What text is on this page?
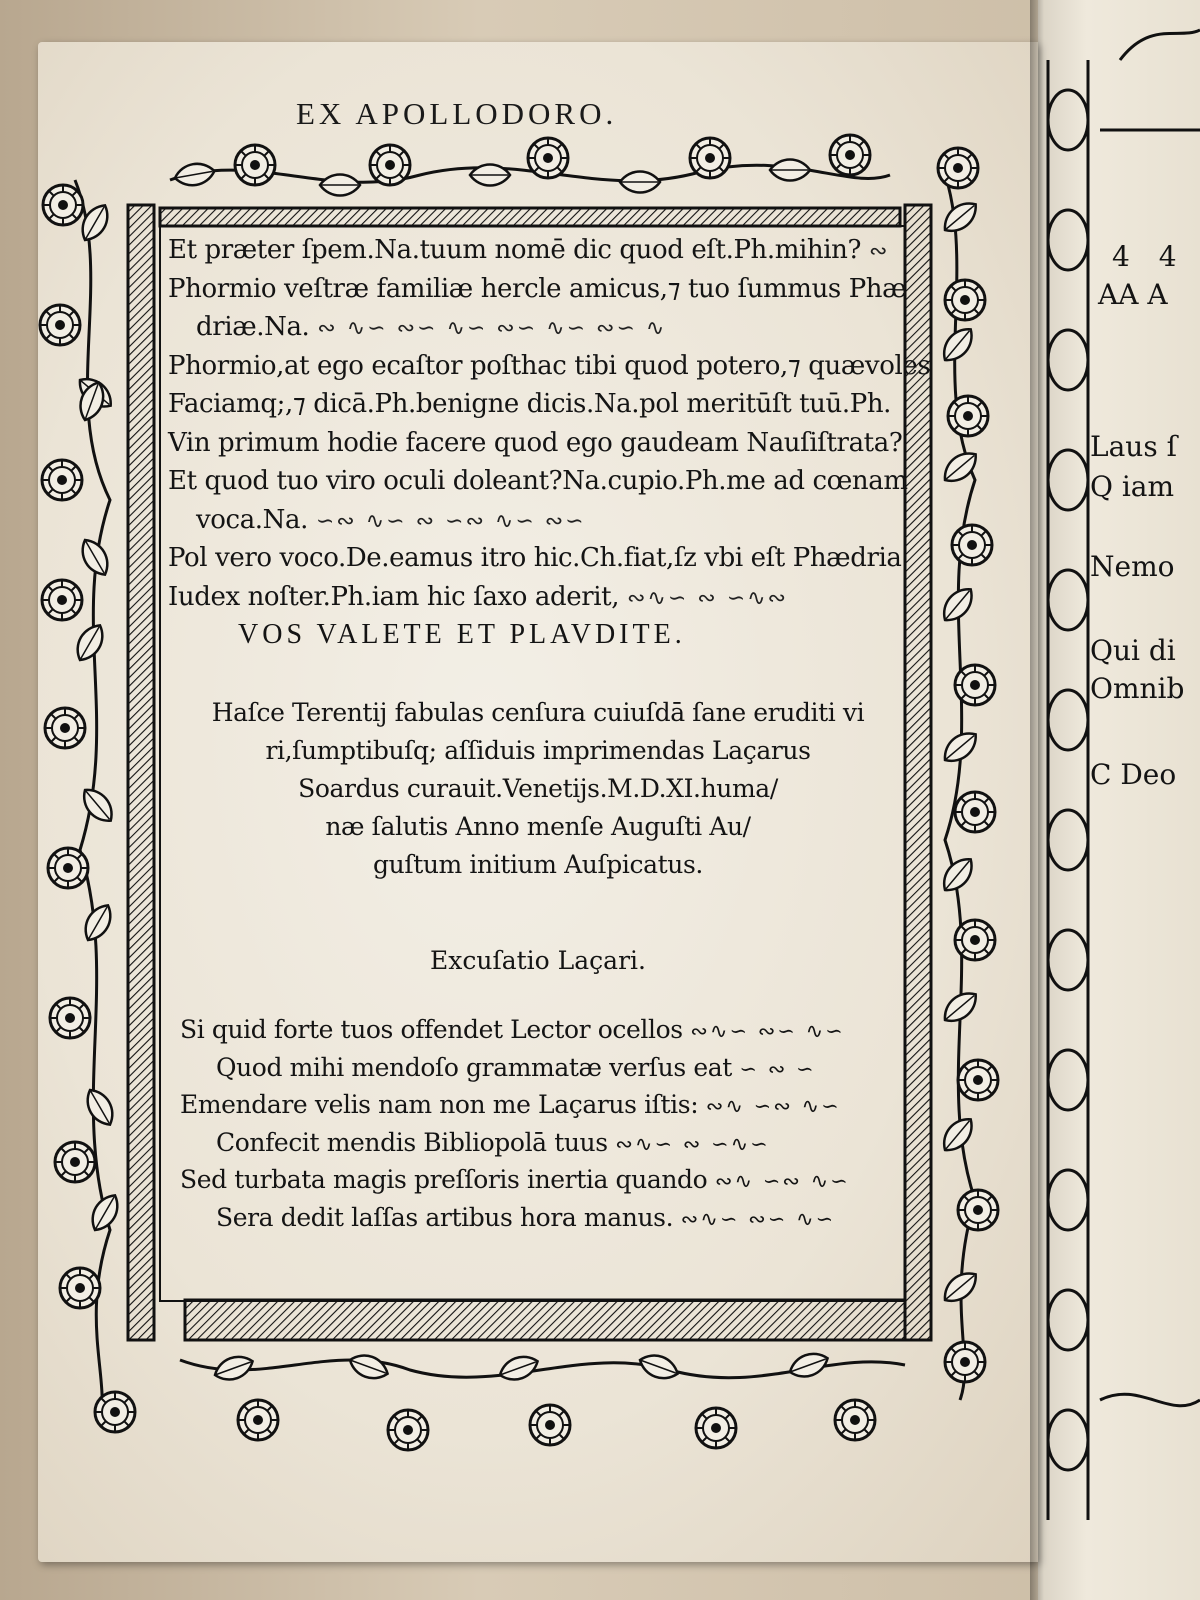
EX APOLLODORO.
Et præter ſpem.Na.tuum nomē dic quod eſt.Ph.mihin? ∾
Phormio veſtræ familiæ hercle amicus,⁊ tuo ſummus Phæ
driæ.Na. ∾ ∿∽ ∾∽ ∿∽ ∾∽ ∿∽ ∾∽ ∿
Phormio,at ego ecaſtor poſthac tibi quod potero,⁊ quævoles
Faciamq;,⁊ dicā.Ph.benigne dicis.Na.pol meritūſt tuū.Ph.
Vin primum hodie facere quod ego gaudeam Nauſiſtrata?
Et quod tuo viro oculi doleant?Na.cupio.Ph.me ad cœnam
voca.Na. ∽∾ ∿∽ ∾ ∽∾ ∿∽ ∾∽
Pol vero voco.De.eamus itro hic.Ch.fiat,ſz vbi eſt Phædria
Iudex noſter.Ph.iam hic ſaxo aderit, ∾∿∽ ∾ ∽∿∾
VOS VALETE ET PLAVDITE.
Haſce Terentij fabulas cenſura cuiuſdā ſane eruditi vi
ri,ſumptibuſq; aſſiduis imprimendas Laçarus
Soardus curauit.Venetijs.M.D.XI.huma/
næ ſalutis Anno menſe Auguſti Au/
guſtum initium Auſpicatus.
Excuſatio Laçari.
Si quid forte tuos offendet Lector ocellos ∾∿∽ ∾∽ ∿∽
Quod mihi mendoſo grammatæ verſus eat ∽ ∾ ∽
Emendare velis nam non me Laçarus iſtis: ∾∿ ∽∾ ∿∽
Confecit mendis Bibliopolā tuus ∾∿∽ ∾ ∽∿∽
Sed turbata magis preſſoris inertia quando ∾∿ ∽∾ ∿∽
Sera dedit laſſas artibus hora manus. ∾∿∽ ∾∽ ∿∽
4 4
AA A
Laus ſ
Q iam
Nemo
Qui di
Omnib
C Deo
